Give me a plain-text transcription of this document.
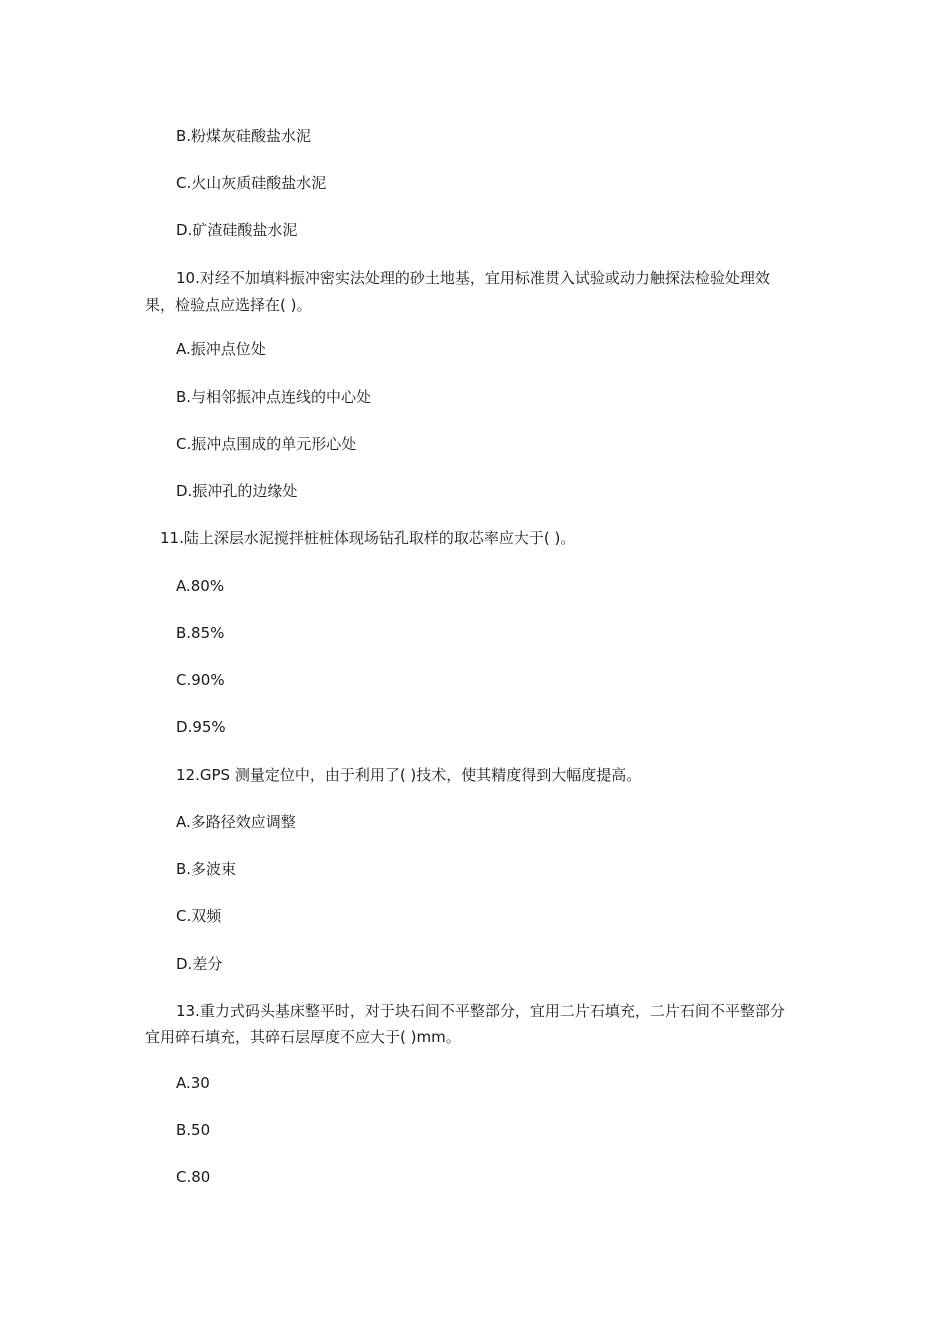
B.粉煤灰硅酸盐水泥
C.火山灰质硅酸盐水泥
D.矿渣硅酸盐水泥
10.对经不加填料振冲密实法处理的砂土地基，宜用标准贯入试验或动力触探法检验处理效
果，检验点应选择在( )。
A.振冲点位处
B.与相邻振冲点连线的中心处
C.振冲点围成的单元形心处
D.振冲孔的边缘处
11.陆上深层水泥搅拌桩桩体现场钻孔取样的取芯率应大于( )。
A.80%
B.85%
C.90%
D.95%
12.GPS 测量定位中，由于利用了( )技术，使其精度得到大幅度提高。
A.多路径效应调整
B.多波束
C.双频
D.差分
13.重力式码头基床整平时，对于块石间不平整部分，宜用二片石填充，二片石间不平整部分
宜用碎石填充，其碎石层厚度不应大于( )mm。
A.30
B.50
C.80
